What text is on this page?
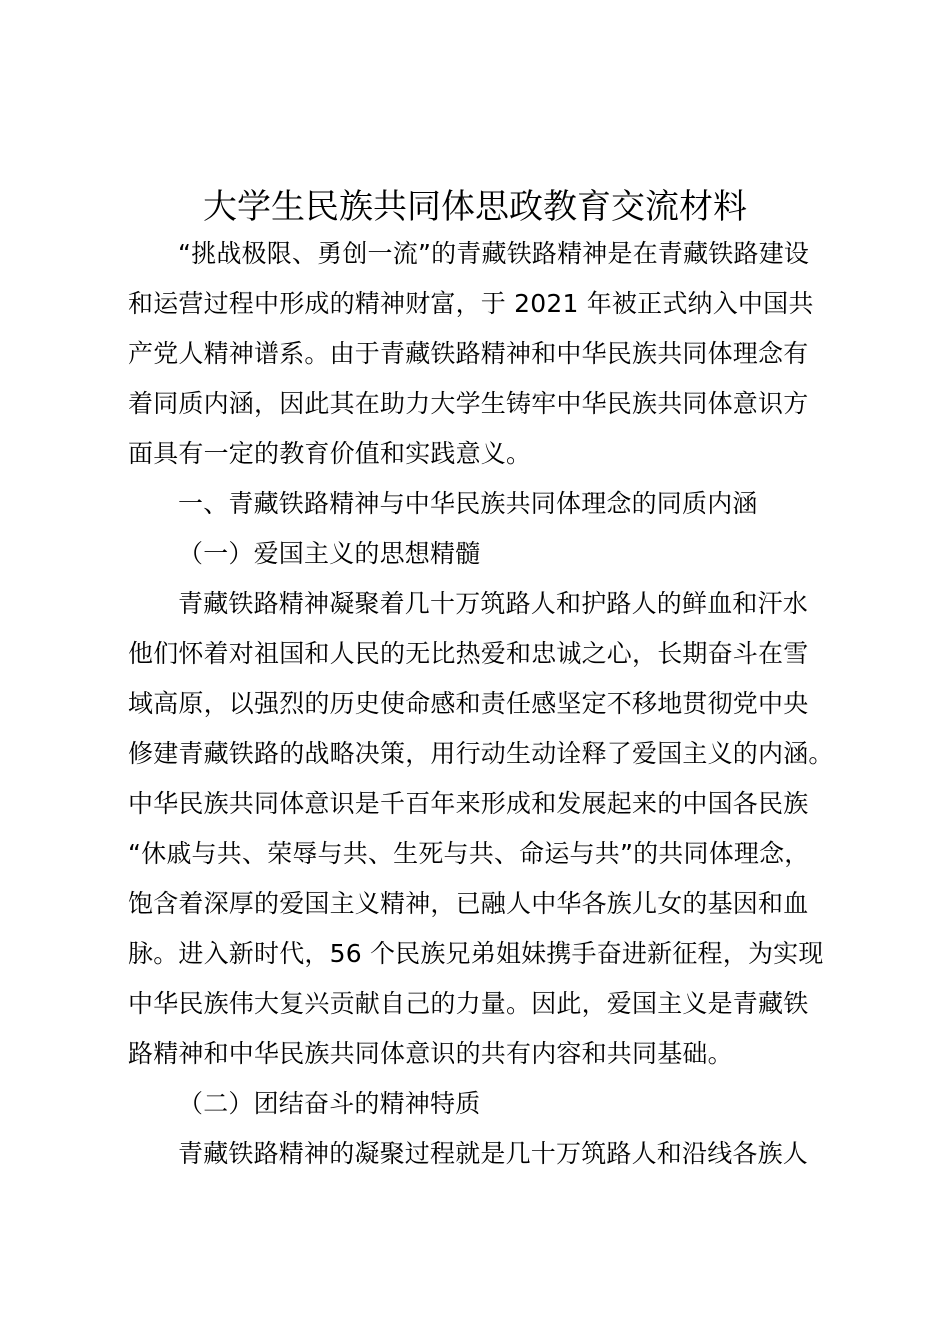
大学生民族共同体思政教育交流材料
“挑战极限、勇创一流”的青藏铁路精神是在青藏铁路建设
和运营过程中形成的精神财富，于 2021 年被正式纳入中国共
产党人精神谱系。由于青藏铁路精神和中华民族共同体理念有
着同质内涵，因此其在助力大学生铸牢中华民族共同体意识方
面具有一定的教育价值和实践意义。
一、青藏铁路精神与中华民族共同体理念的同质内涵
（一）爱国主义的思想精髓
青藏铁路精神凝聚着几十万筑路人和护路人的鲜血和汗水
他们怀着对祖国和人民的无比热爱和忠诚之心，长期奋斗在雪
域高原，以强烈的历史使命感和责任感坚定不移地贯彻党中央
修建青藏铁路的战略决策，用行动生动诠释了爱国主义的内涵。
中华民族共同体意识是千百年来形成和发展起来的中国各民族
“休戚与共、荣辱与共、生死与共、命运与共”的共同体理念，
饱含着深厚的爱国主义精神，已融人中华各族儿女的基因和血
脉。进入新时代，56 个民族兄弟姐妹携手奋进新征程，为实现
中华民族伟大复兴贡献自己的力量。因此，爱国主义是青藏铁
路精神和中华民族共同体意识的共有内容和共同基础。
（二）团结奋斗的精神特质
青藏铁路精神的凝聚过程就是几十万筑路人和沿线各族人
